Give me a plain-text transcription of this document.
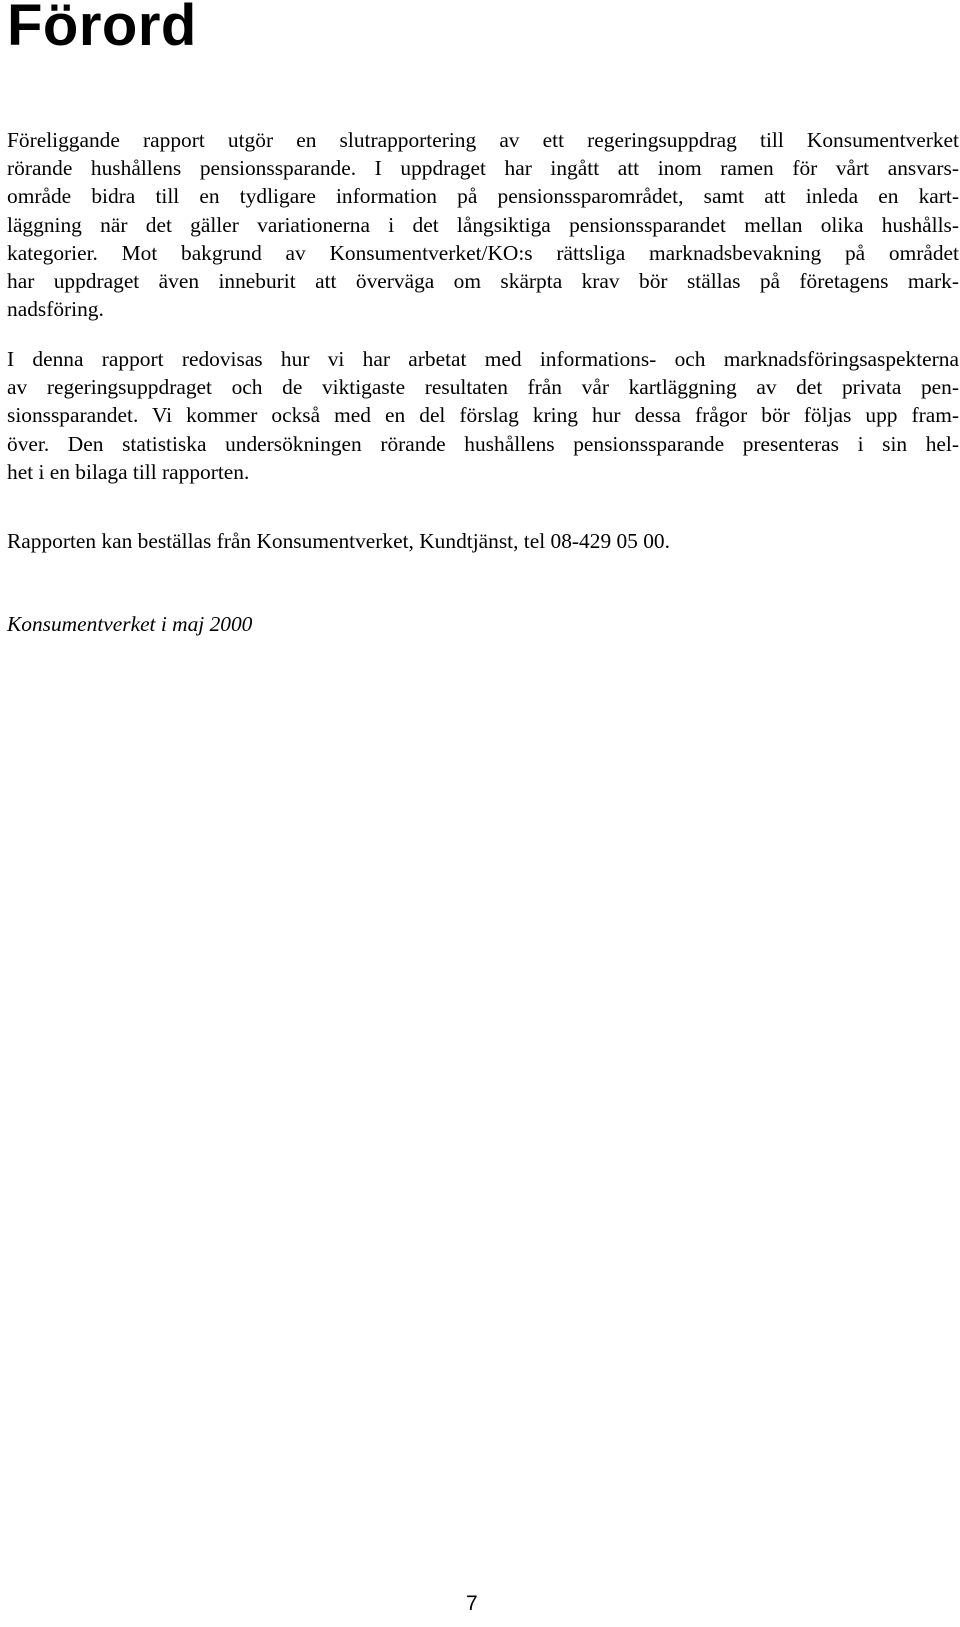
Förord

Föreliggande rapport utgör en slutrapportering av ett regeringsuppdrag till Konsumentverket
rörande hushållens pensionssparande. I uppdraget har ingått att inom ramen för vårt ansvars-
område bidra till en tydligare information på pensionssparområdet, samt att inleda en kart-
läggning när det gäller variationerna i det långsiktiga pensionssparandet mellan olika hushålls-
kategorier. Mot bakgrund av Konsumentverket/KO:s rättsliga marknadsbevakning på området
har uppdraget även inneburit att överväga om skärpta krav bör ställas på företagens mark-
nadsföring.

I denna rapport redovisas hur vi har arbetat med informations- och marknadsföringsaspekterna
av regeringsuppdraget och de viktigaste resultaten från vår kartläggning av det privata pen-
sionssparandet. Vi kommer också med en del förslag kring hur dessa frågor bör följas upp fram-
över. Den statistiska undersökningen rörande hushållens pensionssparande presenteras i sin hel-
het i en bilaga till rapporten.

Rapporten kan beställas från Konsumentverket, Kundtjänst, tel 08-429 05 00.

Konsumentverket i maj 2000

7
